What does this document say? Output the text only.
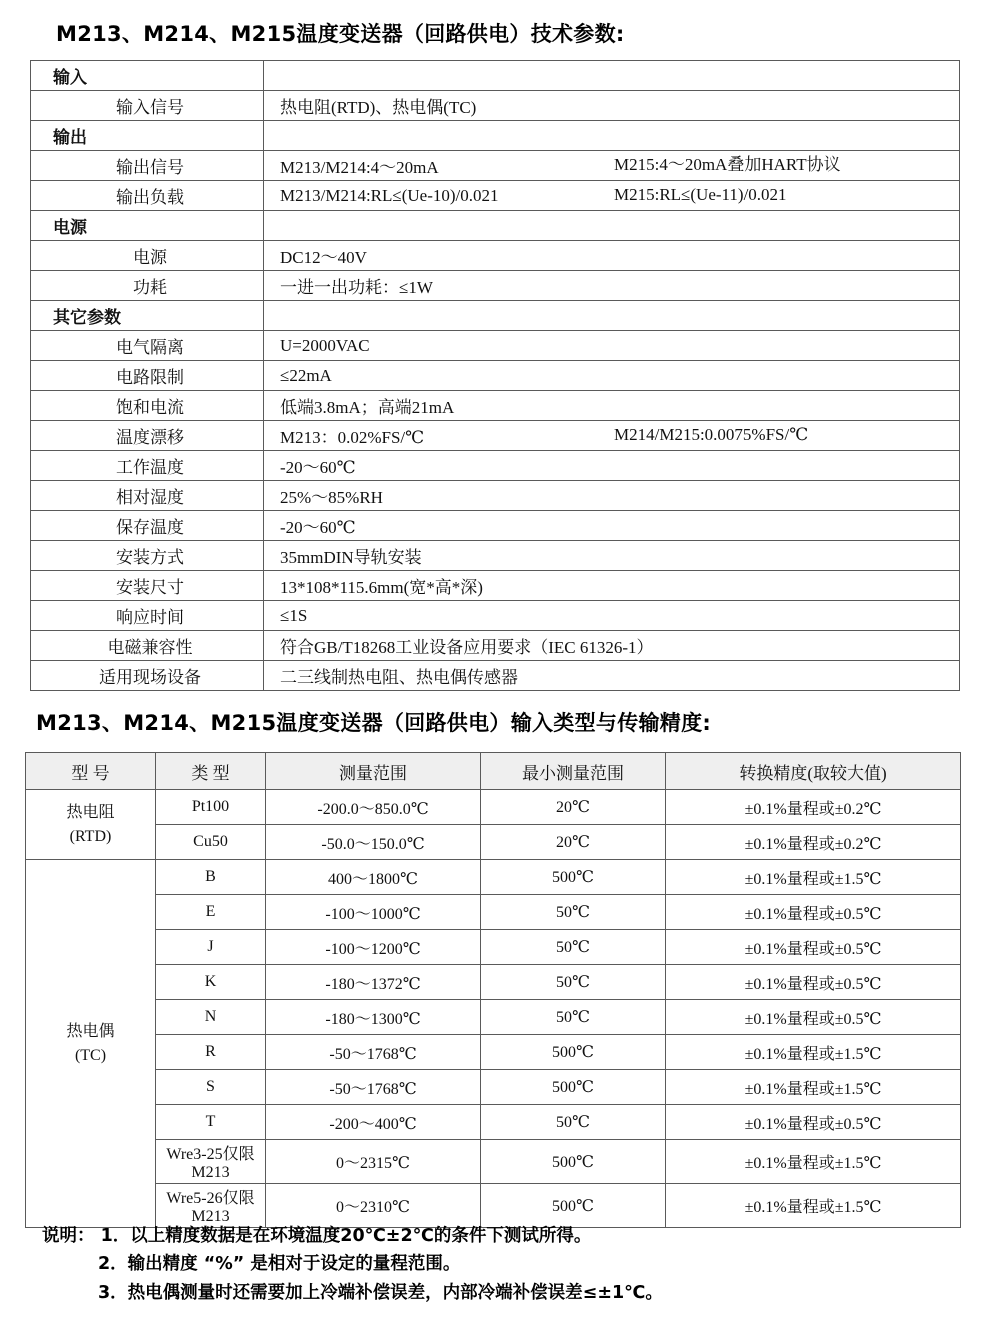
M213、M214、M215温度变送器（回路供电）技术参数:
输入	
输入信号	热电阻(RTD)、热电偶(TC)
输出	
输出信号	M213/M214:4～20mA M215:4～20mA叠加HART协议

输出负载	M213/M214:RL≤(Ue-10)/0.021 M215:RL≤(Ue-11)/0.021

电源	
电源	DC12～40V
功耗	一进一出功耗：≤1W
其它参数	
电气隔离	U=2000VAC
电路限制	≤22mA
饱和电流	低端3.8mA；高端21mA
温度漂移	M213：0.02%FS/℃ M214/M215:0.0075%FS/℃

工作温度	-20～60℃
相对湿度	25%～85%RH
保存温度	-20～60℃
安装方式	35mmDIN导轨安装
安装尺寸	13*108*115.6mm(宽*高*深)
响应时间	≤1S
电磁兼容性	符合GB/T18268工业设备应用要求（IEC 61326-1）
适用现场设备	二三线制热电阻、热电偶传感器
M213、M214、M215温度变送器（回路供电）输入类型与传输精度:
型 号	类 型	测量范围	最小测量范围	转换精度(取较大值)

热电阻
(RTD)	Pt100	-200.0～850.0℃	20℃	±0.1%量程或±0.2℃
	Cu50	-50.0～150.0℃	20℃	±0.1%量程或±0.2℃

热电偶
(TC)	B	400～1800℃	500℃	±0.1%量程或±1.5℃
	E	-100～1000℃	50℃	±0.1%量程或±0.5℃
	J	-100～1200℃	50℃	±0.1%量程或±0.5℃
	K	-180～1372℃	50℃	±0.1%量程或±0.5℃
	N	-180～1300℃	50℃	±0.1%量程或±0.5℃
	R	-50～1768℃	500℃	±0.1%量程或±1.5℃
	S	-50～1768℃	500℃	±0.1%量程或±1.5℃
	T	-200～400℃	50℃	±0.1%量程或±0.5℃
	Wre3-25仅限M213	0～2315℃	500℃	±0.1%量程或±1.5℃
	Wre5-26仅限M213	0～2310℃	500℃	±0.1%量程或±1.5℃
说明： 1．以上精度数据是在环境温度20℃±2℃的条件下测试所得。
2．输出精度 “%” 是相对于设定的量程范围。
3．热电偶测量时还需要加上冷端补偿误差，内部冷端补偿误差≤±1℃。
